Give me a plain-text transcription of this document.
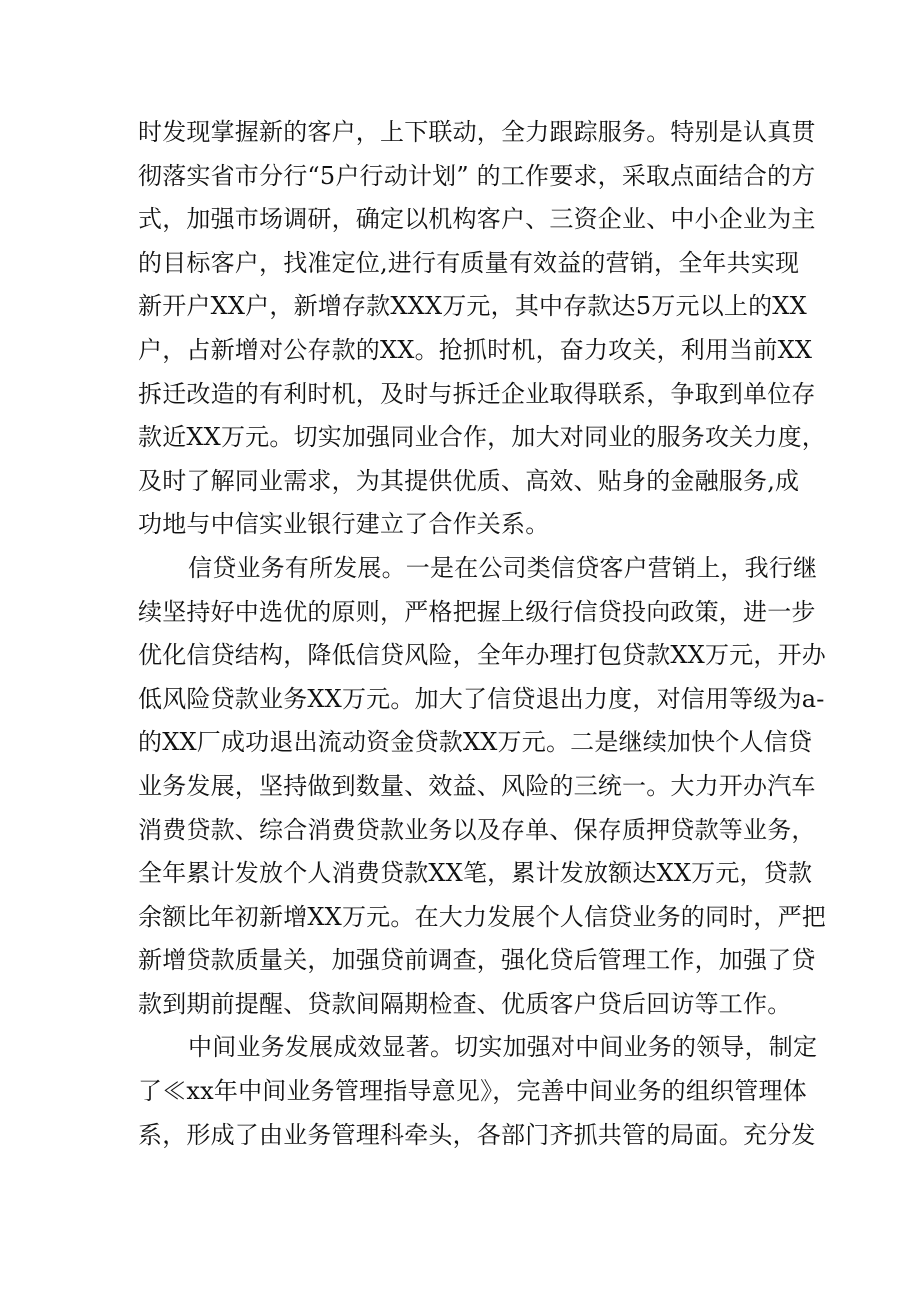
时发现掌握新的客户，上下联动，全力跟踪服务。特别是认真贯
彻落实省市分行“5户行动计划” 的工作要求，采取点面结合的方
式，加强市场调研，确定以机构客户、三资企业、中小企业为主
的目标客户，找准定位,进行有质量有效益的营销，全年共实现
新开户XX户，新增存款XXX万元，其中存款达5万元以上的XX
户，占新增对公存款的XX。抢抓时机，奋力攻关，利用当前XX
拆迁改造的有利时机，及时与拆迁企业取得联系，争取到单位存
款近XX万元。切实加强同业合作，加大对同业的服务攻关力度，
及时了解同业需求，为其提供优质、高效、贴身的金融服务,成
功地与中信实业银行建立了合作关系。
信贷业务有所发展。一是在公司类信贷客户营销上，我行继
续坚持好中选优的原则，严格把握上级行信贷投向政策，进一步
优化信贷结构，降低信贷风险，全年办理打包贷款XX万元，开办
低风险贷款业务XX万元。加大了信贷退出力度，对信用等级为a-
的XX厂成功退出流动资金贷款XX万元。二是继续加快个人信贷
业务发展，坚持做到数量、效益、风险的三统一。大力开办汽车
消费贷款、综合消费贷款业务以及存单、保存质押贷款等业务，
全年累计发放个人消费贷款XX笔，累计发放额达XX万元，贷款
余额比年初新增XX万元。在大力发展个人信贷业务的同时，严把
新增贷款质量关，加强贷前调查，强化贷后管理工作，加强了贷
款到期前提醒、贷款间隔期检查、优质客户贷后回访等工作。
中间业务发展成效显著。切实加强对中间业务的领导，制定
了≪xx年中间业务管理指导意见》，完善中间业务的组织管理体
系，形成了由业务管理科牵头，各部门齐抓共管的局面。充分发
